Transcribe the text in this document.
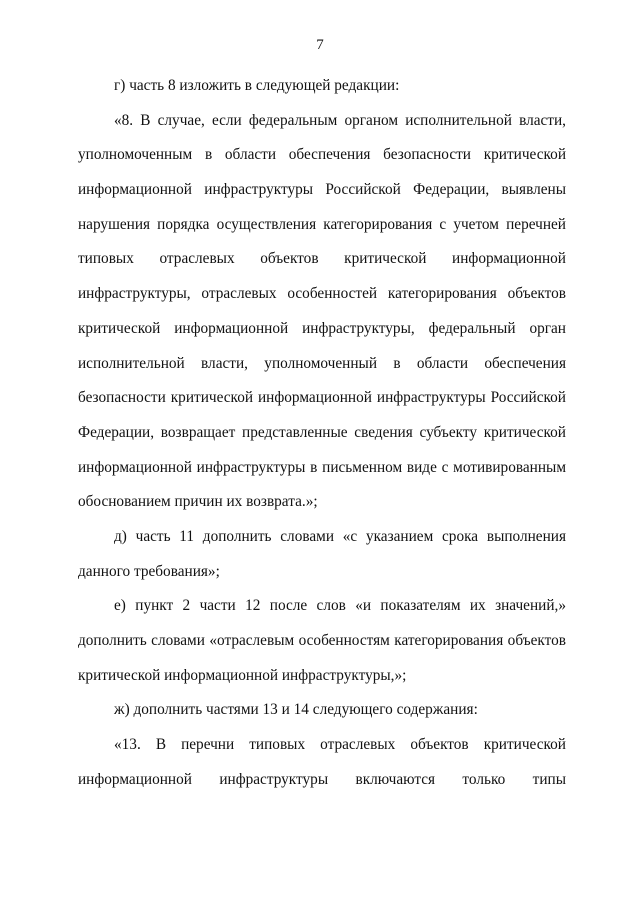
7
г) часть 8 изложить в следующей редакции:
«8. В случае, если федеральным органом исполнительной власти,
уполномоченным в области обеспечения безопасности критической
информационной инфраструктуры Российской Федерации, выявлены
нарушения порядка осуществления категорирования с учетом перечней
типовых отраслевых объектов критической информационной
инфраструктуры, отраслевых особенностей категорирования объектов
критической информационной инфраструктуры, федеральный орган
исполнительной власти, уполномоченный в области обеспечения
безопасности критической информационной инфраструктуры Российской
Федерации, возвращает представленные сведения субъекту критической
информационной инфраструктуры в письменном виде с мотивированным
обоснованием причин их возврата.»;
д) часть 11 дополнить словами «с указанием срока выполнения
данного требования»;
е) пункт 2 части 12 после слов «и показателям их значений,»
дополнить словами «отраслевым особенностям категорирования объектов
критической информационной инфраструктуры,»;
ж) дополнить частями 13 и 14 следующего содержания:
«13. В перечни типовых отраслевых объектов критической
информационной инфраструктуры включаются только типы
